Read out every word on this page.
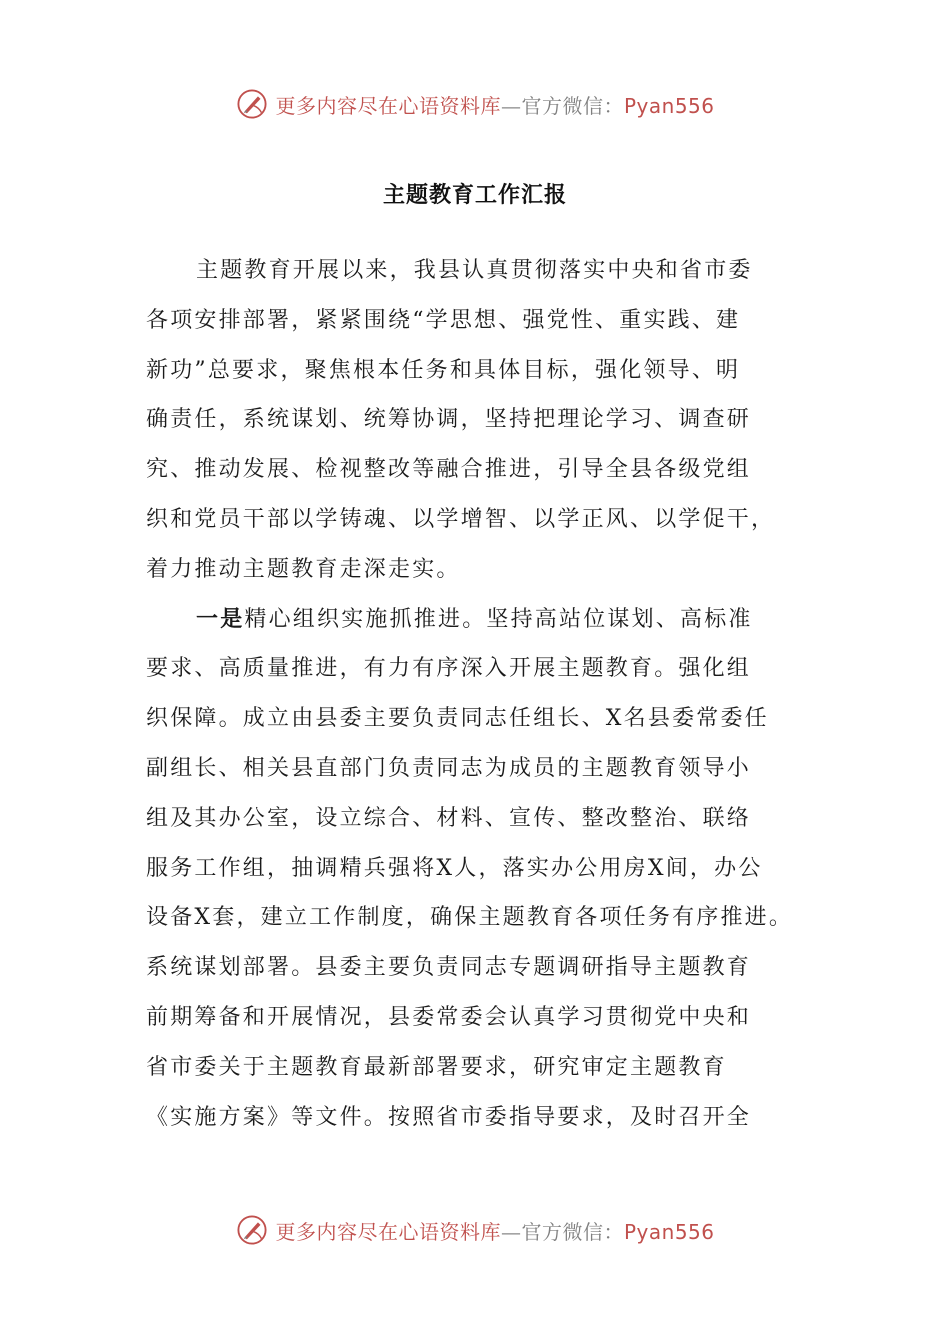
更多内容尽在心语资料库—官方微信：Pyan556
主题教育工作汇报
主题教育开展以来，我县认真贯彻落实中央和省市委
各项安排部署，紧紧围绕“学思想、强党性、重实践、建
新功”总要求，聚焦根本任务和具体目标，强化领导、明
确责任，系统谋划、统筹协调，坚持把理论学习、调查研
究、推动发展、检视整改等融合推进，引导全县各级党组
织和党员干部以学铸魂、以学增智、以学正风、以学促干，
着力推动主题教育走深走实。
一是精心组织实施抓推进。坚持高站位谋划、高标准
要求、高质量推进，有力有序深入开展主题教育。强化组
织保障。成立由县委主要负责同志任组长、X名县委常委任
副组长、相关县直部门负责同志为成员的主题教育领导小
组及其办公室，设立综合、材料、宣传、整改整治、联络
服务工作组，抽调精兵强将X人，落实办公用房X间，办公
设备X套，建立工作制度，确保主题教育各项任务有序推进。
系统谋划部署。县委主要负责同志专题调研指导主题教育
前期筹备和开展情况，县委常委会认真学习贯彻党中央和
省市委关于主题教育最新部署要求，研究审定主题教育
《实施方案》等文件。按照省市委指导要求，及时召开全
更多内容尽在心语资料库—官方微信：Pyan556
